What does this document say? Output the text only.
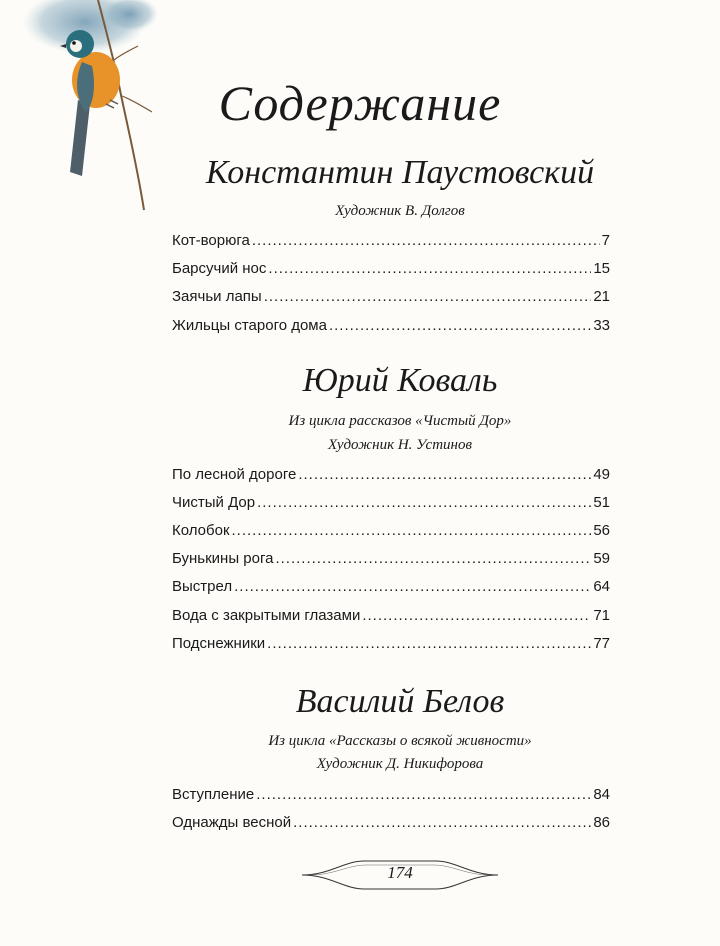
Содержание
Константин Паустовский
Художник В. Долгов
Кот-ворюга .....	7
Барсучий нос .....	15
Заячьи лапы .....	21
Жильцы старого дома .....	33
Юрий Коваль
Из цикла рассказов «Чистый Дор»
Художник Н. Устинов
По лесной дороге .....	49
Чистый Дор .....	51
Колобок .....	56
Бунькины рога .....	59
Выстрел .....	64
Вода с закрытыми глазами .....	71
Подснежники .....	77
Василий Белов
Из цикла «Рассказы о всякой живности»
Художник Д. Никифорова
Вступление .....	84
Однажды весной .....	86
174
